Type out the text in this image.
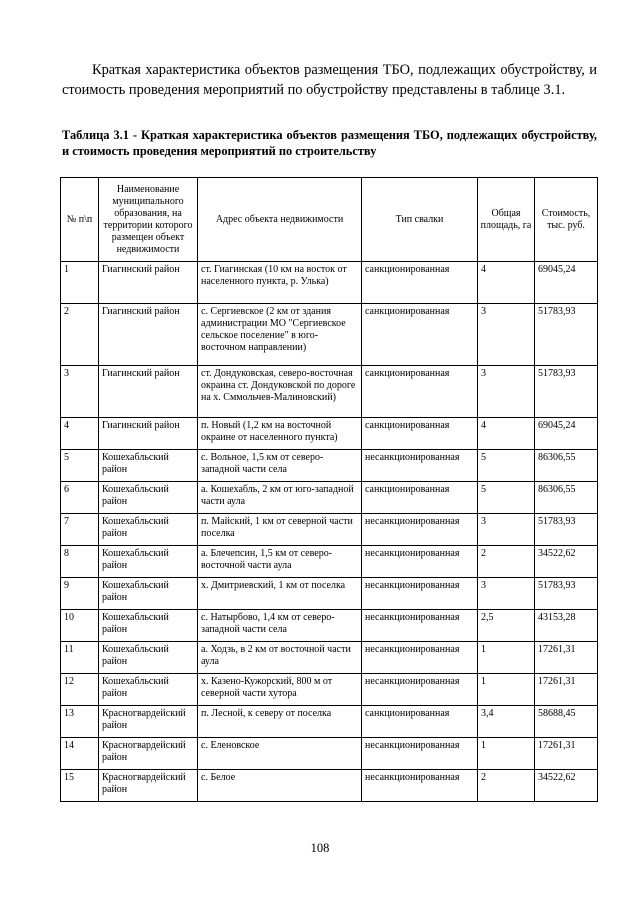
Краткая характеристика объектов размещения ТБО, подлежащих обустройству, и стоимость проведения мероприятий по обустройству представлены в таблице 3.1.

Таблица 3.1 - Краткая характеристика объектов размещения ТБО, подлежащих обустройству, и стоимость проведения мероприятий по строительству

№ п\п	Наименование муниципального образования, на территории которого размещен объект недвижимости	Адрес объекта недвижимости	Тип свалки	Общая площадь, га	Стоимость, тыс. руб.
1	Гиагинский район	ст. Гиагинская (10 км на восток от населенного пункта, р. Улька)	санкционированная	4	69045,24
2	Гиагинский район	с. Сергиевское (2 км от здания администрации МО "Сергиевское сельское поселение" в юго-восточном направлении)	санкционированная	3	51783,93
3	Гиагинский район	ст. Дондуковская, северо-восточная окраина ст. Дондуковской по дороге на х. Сммольчев-Малиновский)	санкционированная	3	51783,93
4	Гиагинский район	п. Новый (1,2 км на восточной окраине от населенного пункта)	санкционированная	4	69045,24
5	Кошехабльский район	с. Вольное, 1,5 км от северо-западной части села	несанкционированная	5	86306,55
6	Кошехабльский район	а. Кошехабль, 2 км от юго-западной части аула	санкционированная	5	86306,55
7	Кошехабльский район	п. Майский, 1 км от северной части поселка	несанкционированная	3	51783,93
8	Кошехабльский район	а. Блечепсин, 1,5 км от северо-восточной части аула	несанкционированная	2	34522,62
9	Кошехабльский район	х. Дмитриевский, 1 км от поселка	несанкционированная	3	51783,93
10	Кошехабльский район	с. Натырбово, 1,4 км от северо-западной части села	несанкционированная	2,5	43153,28
11	Кошехабльский район	а. Ходзь, в 2 км от восточной части аула	несанкционированная	1	17261,31
12	Кошехабльский район	х. Казено-Кужорский, 800 м от северной части хутора	несанкционированная	1	17261,31
13	Красногвардейский район	п. Лесной, к северу от поселка	санкционированная	3,4	58688,45
14	Красногвардейский район	с. Еленовское	несанкционированная	1	17261,31
15	Красногвардейский район	с. Белое	несанкционированная	2	34522,62
108
